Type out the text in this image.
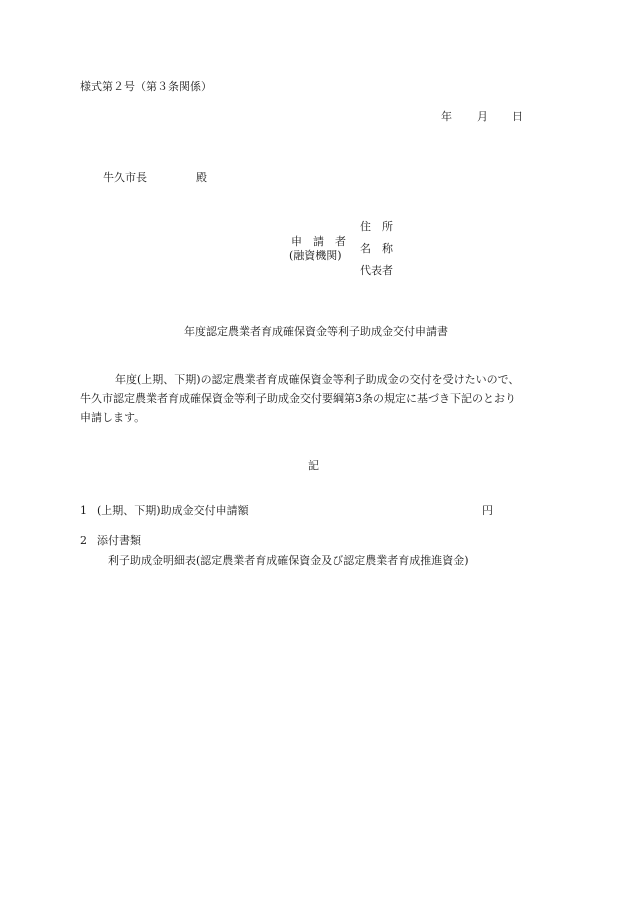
様式第２号（第３条関係）
年 月 日
牛久市長	殿
申　請　者
(融資機関)
住　所
名　称
代表者
年度認定農業者育成確保資金等利子助成金交付申請書
年度(上期、下期)の認定農業者育成確保資金等利子助成金の交付を受けたいので、
牛久市認定農業者育成確保資金等利子助成金交付要綱第3条の規定に基づき下記のとおり
申請します。
記
1 (上期、下期)助成金交付申請額	円
2 添付書類
利子助成金明細表(認定農業者育成確保資金及び認定農業者育成推進資金)
